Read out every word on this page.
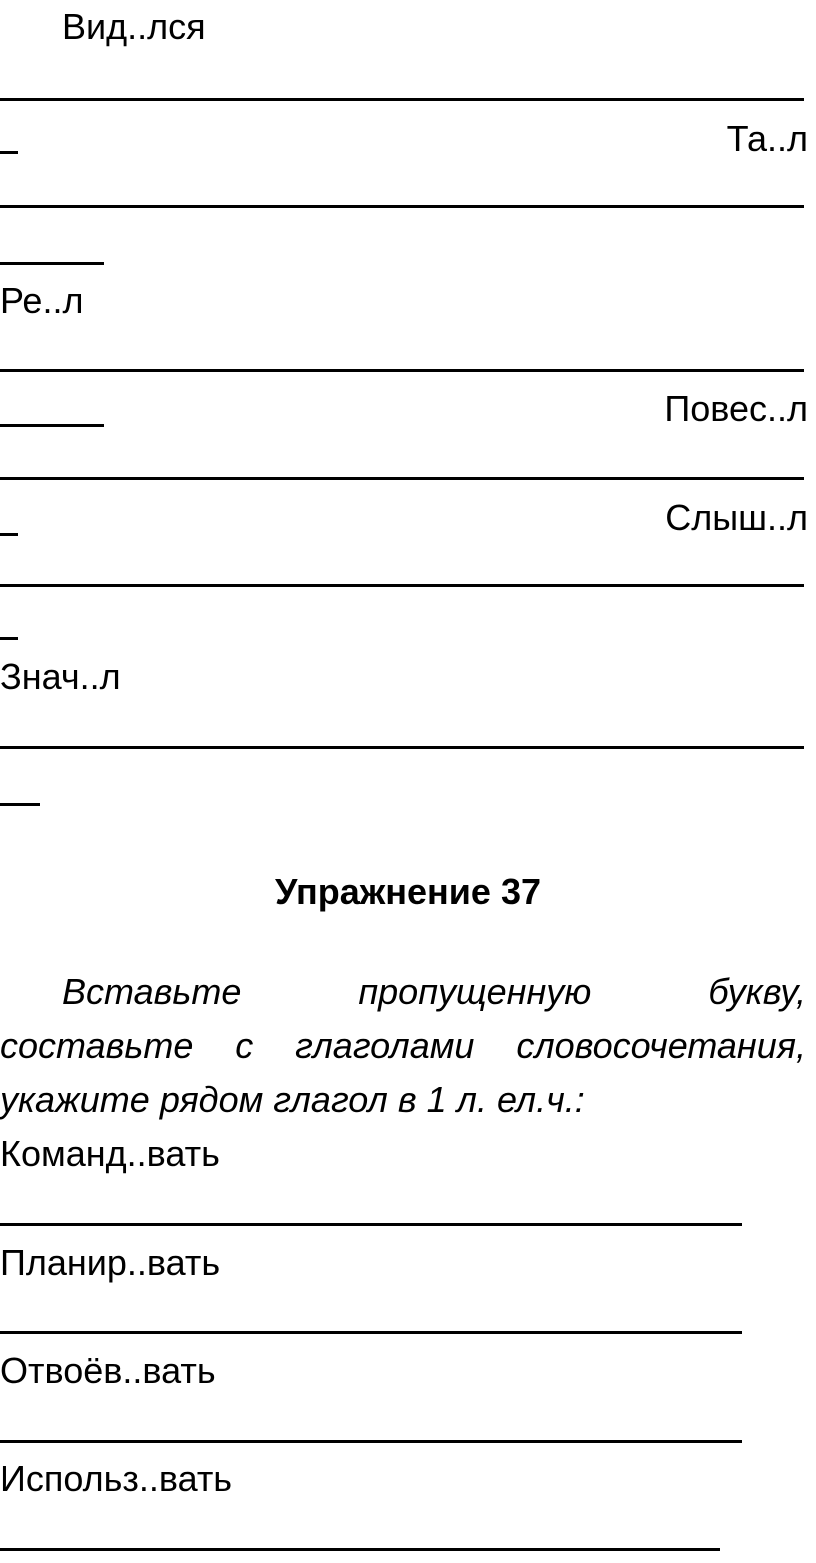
Вид..лся
Та..л
Ре..л
Повес..л
Слыш..л
Знач..л
Упражнение 37
Вставьте	пропущенную	букву,
составьте с глаголами словосочетания,
укажите рядом глагол в 1 л. ел.ч.:
Команд..вать
Планир..вать
Отвоёв..вать
Использ..вать
